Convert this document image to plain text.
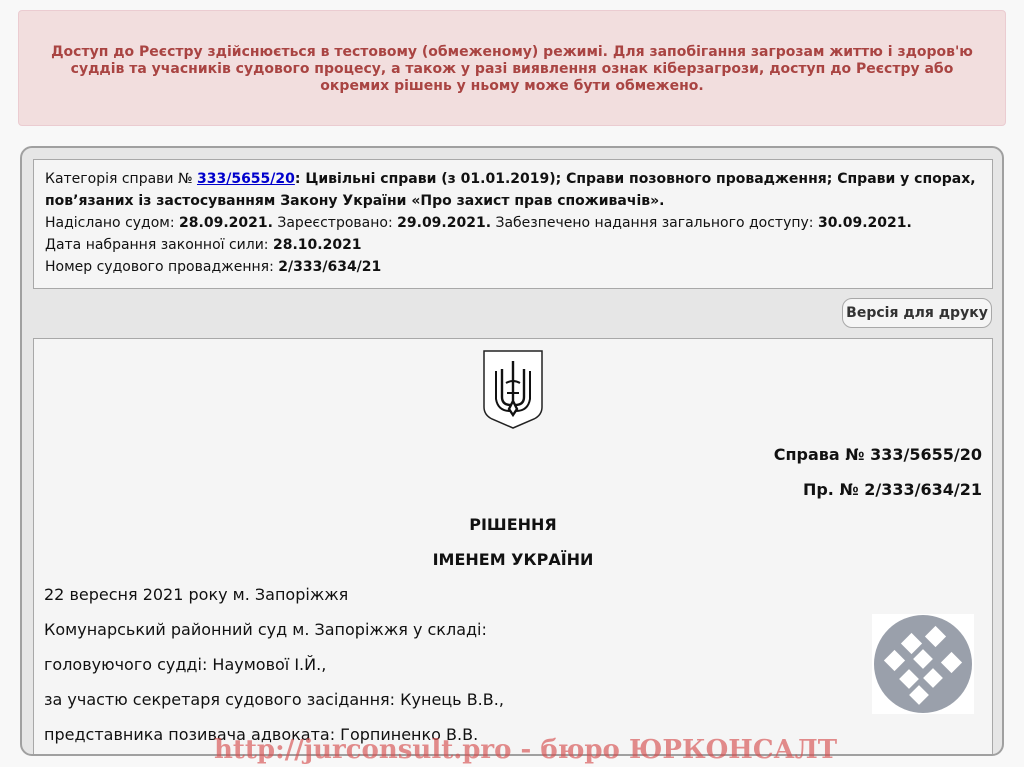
Доступ до Реєстру здійснюється в тестовому (обмеженому) режимі. Для запобігання загрозам життю і здоров'ю суддів та учасників судового процесу, а також у разі виявлення ознак кіберзагрози, доступ до Реєстру або окремих рішень у ньому може бути обмежено.
Категорія справи № 333/5655/20: Цивільні справи (з 01.01.2019); Справи позовного провадження; Справи у спорах, пов’язаних із застосуванням Закону України «Про захист прав споживачів».
Надіслано судом: 28.09.2021. Зареєстровано: 29.09.2021. Забезпечено надання загального доступу: 30.09.2021.
Дата набрання законної сили: 28.10.2021
Номер судового провадження: 2/333/634/21
Версія для друку
Справа № 333/5655/20
Пр. № 2/333/634/21
РІШЕННЯ
ІМЕНЕМ УКРАЇНИ
22 вересня 2021 року м. Запоріжжя
Комунарський районний суд м. Запоріжжя у складі:
головуючого судді: Наумової І.Й.,
за участю секретаря судового засідання: Кунець В.В.,
представника позивача адвоката: Горпиненко В.В.
http://jurconsult.pro - бюро ЮРКОНСАЛТ
